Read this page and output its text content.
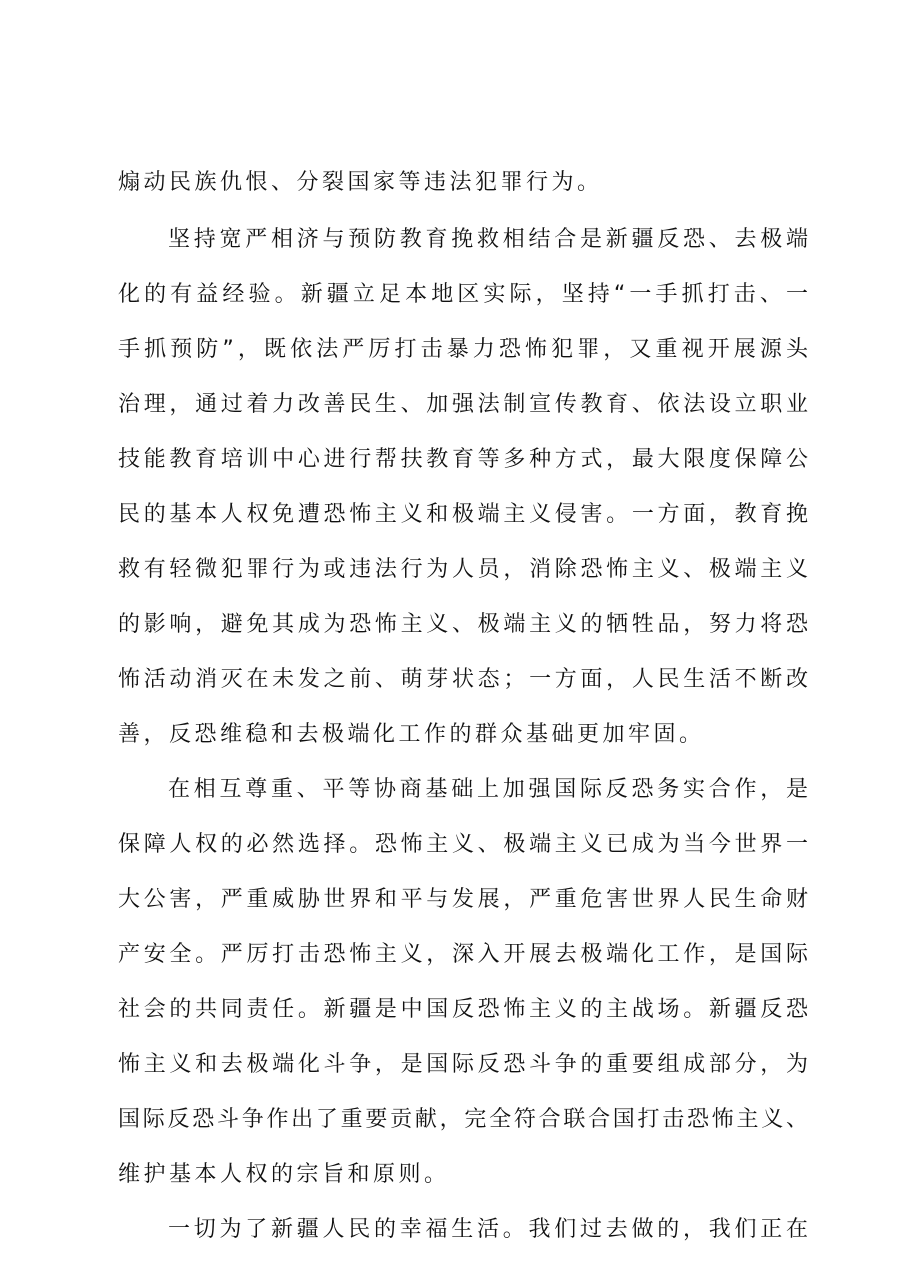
煽动民族仇恨、分裂国家等违法犯罪行为。
坚持宽严相济与预防教育挽救相结合是新疆反恐、去极端
化的有益经验。新疆立足本地区实际，坚持“一手抓打击、一
手抓预防”，既依法严厉打击暴力恐怖犯罪，又重视开展源头
治理，通过着力改善民生、加强法制宣传教育、依法设立职业
技能教育培训中心进行帮扶教育等多种方式，最大限度保障公
民的基本人权免遭恐怖主义和极端主义侵害。一方面，教育挽
救有轻微犯罪行为或违法行为人员，消除恐怖主义、极端主义
的影响，避免其成为恐怖主义、极端主义的牺牲品，努力将恐
怖活动消灭在未发之前、萌芽状态；一方面，人民生活不断改
善，反恐维稳和去极端化工作的群众基础更加牢固。
在相互尊重、平等协商基础上加强国际反恐务实合作，是
保障人权的必然选择。恐怖主义、极端主义已成为当今世界一
大公害，严重威胁世界和平与发展，严重危害世界人民生命财
产安全。严厉打击恐怖主义，深入开展去极端化工作，是国际
社会的共同责任。新疆是中国反恐怖主义的主战场。新疆反恐
怖主义和去极端化斗争，是国际反恐斗争的重要组成部分，为
国际反恐斗争作出了重要贡献，完全符合联合国打击恐怖主义、
维护基本人权的宗旨和原则。
一切为了新疆人民的幸福生活。我们过去做的，我们正在
